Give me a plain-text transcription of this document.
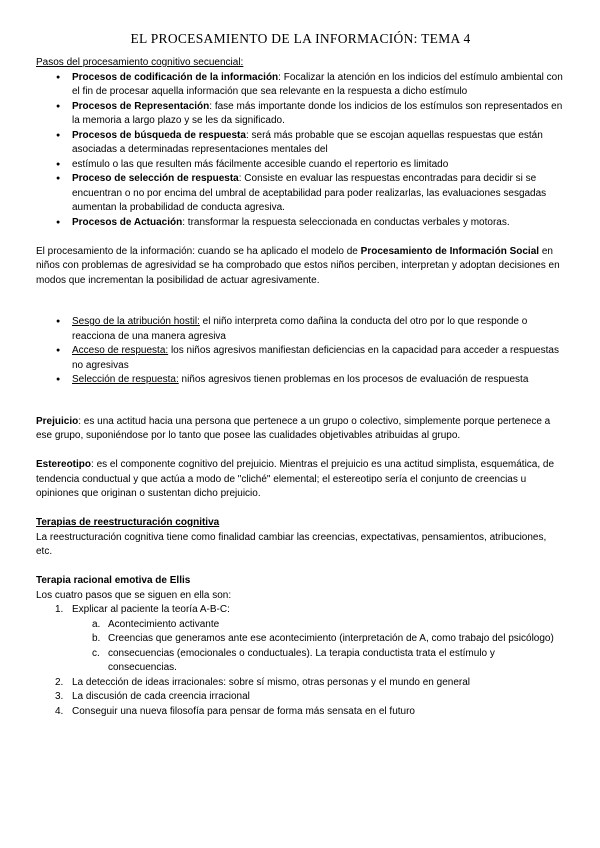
EL PROCESAMIENTO DE LA INFORMACIÓN: TEMA 4

Pasos del procesamiento cognitivo secuencial:

● Procesos de codificación de la información: Focalizar la atención en los indicios del estímulo ambiental con el fin de procesar aquella información que sea relevante en la respuesta a dicho estímulo
● Procesos de Representación: fase más importante donde los indicios de los estímulos son representados en la memoria a largo plazo y se les da significado.
● Procesos de búsqueda de respuesta: será más probable que se escojan aquellas respuestas que están asociadas a determinadas representaciones mentales del
● estímulo o las que resulten más fácilmente accesible cuando el repertorio es limitado
● Proceso de selección de respuesta: Consiste en evaluar las respuestas encontradas para decidir si se encuentran o no por encima del umbral de aceptabilidad para poder realizarlas, las evaluaciones sesgadas aumentan la probabilidad de conducta agresiva.
● Procesos de Actuación: transformar la respuesta seleccionada en conductas verbales y motoras.

El procesamiento de la información: cuando se ha aplicado el modelo de Procesamiento de Información Social en niños con problemas de agresividad se ha comprobado que estos niños perciben, interpretan y adoptan decisiones en modos que incrementan la posibilidad de actuar agresivamente.

● Sesgo de la atribución hostil: el niño interpreta como dañina la conducta del otro por lo que responde o reacciona de una manera agresiva
● Acceso de respuesta: los niños agresivos manifiestan deficiencias en la capacidad para acceder a respuestas no agresivas
● Selección de respuesta: niños agresivos tienen problemas en los procesos de evaluación de respuesta

Prejuicio: es una actitud hacia una persona que pertenece a un grupo o colectivo, simplemente porque pertenece a ese grupo, suponiéndose por lo tanto que posee las cualidades objetivables atribuidas al grupo.

Estereotipo: es el componente cognitivo del prejuicio. Mientras el prejuicio es una actitud simplista, esquemática, de tendencia conductual y que actúa a modo de "cliché" elemental; el estereotipo sería el conjunto de creencias u opiniones que originan o sustentan dicho prejuicio.

Terapias de reestructuración cognitiva

La reestructuración cognitiva tiene como finalidad cambiar las creencias, expectativas, pensamientos, atribuciones, etc.

Terapia racional emotiva de Ellis

Los cuatro pasos que se siguen en ella son:

1. Explicar al paciente la teoría A-B-C:
a. Acontecimiento activante
b. Creencias que generamos ante ese acontecimiento (interpretación de A, como trabajo del psicólogo)
c. consecuencias (emocionales o conductuales). La terapia conductista trata el estímulo y consecuencias.
2. La detección de ideas irracionales: sobre sí mismo, otras personas y el mundo en general
3. La discusión de cada creencia irracional
4. Conseguir una nueva filosofía para pensar de forma más sensata en el futuro
